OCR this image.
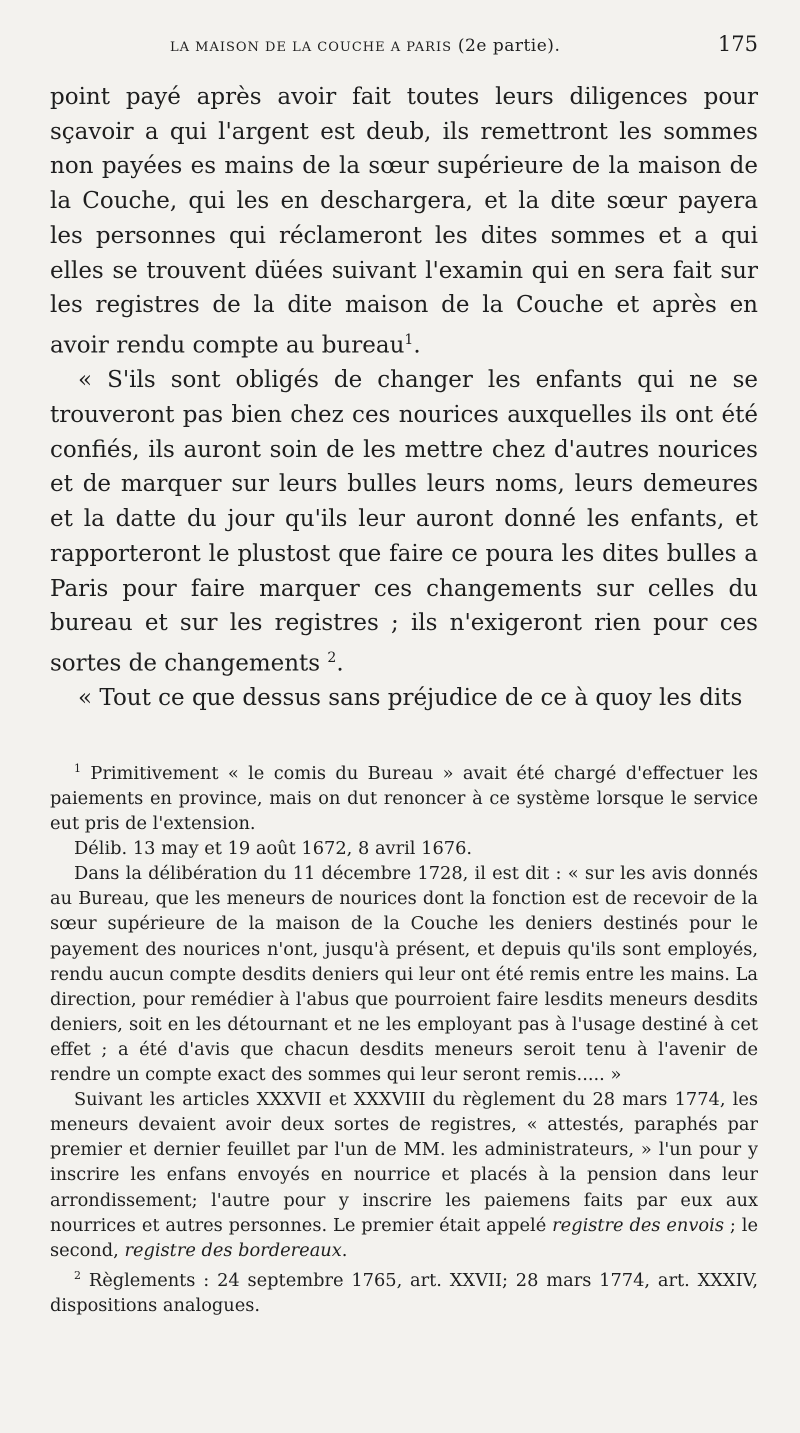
LA MAISON DE LA COUCHE A PARIS (2e partie).	175

point payé après avoir fait toutes leurs diligences pour sçavoir a qui l'argent est deub, ils remettront les sommes non payées es mains de la sœur supérieure de la maison de la Couche, qui les en deschargera, et la dite sœur payera les personnes qui réclameront les dites sommes et a qui elles se trouvent düées suivant l'examin qui en sera fait sur les registres de la dite maison de la Couche et après en avoir rendu compte au bureau$^1$.

« S'ils sont obligés de changer les enfants qui ne se trouveront pas bien chez ces nourices auxquelles ils ont été confiés, ils auront soin de les mettre chez d'autres nourices et de marquer sur leurs bulles leurs noms, leurs demeures et la datte du jour qu'ils leur auront donné les enfants, et rapporteront le plustost que faire ce poura les dites bulles a Paris pour faire marquer ces changements sur celles du bureau et sur les registres ; ils n'exigeront rien pour ces sortes de changements $^2$.

« Tout ce que dessus sans préjudice de ce à quoy les dits

$^1$ Primitivement « le comis du Bureau » avait été chargé d'effectuer les paiements en province, mais on dut renoncer à ce système lorsque le service eut pris de l'extension.

Délib. 13 may et 19 août 1672, 8 avril 1676.

Dans la délibération du 11 décembre 1728, il est dit : « sur les avis donnés au Bureau, que les meneurs de nourices dont la fonction est de recevoir de la sœur supérieure de la maison de la Couche les deniers destinés pour le payement des nourices n'ont, jusqu'à présent, et depuis qu'ils sont employés, rendu aucun compte desdits deniers qui leur ont été remis entre les mains. La direction, pour remédier à l'abus que pourroient faire lesdits meneurs desdits deniers, soit en les détournant et ne les employant pas à l'usage destiné à cet effet ; a été d'avis que chacun desdits meneurs seroit tenu à l'avenir de rendre un compte exact des sommes qui leur seront remis..... »

Suivant les articles XXXVII et XXXVIII du règlement du 28 mars 1774, les meneurs devaient avoir deux sortes de registres, « attestés, paraphés par premier et dernier feuillet par l'un de MM. les administrateurs, » l'un pour y inscrire les enfans envoyés en nourrice et placés à la pension dans leur arrondissement; l'autre pour y inscrire les paiemens faits par eux aux nourrices et autres personnes. Le premier était appelé registre des envois ; le second, registre des bordereaux.

$^2$ Règlements : 24 septembre 1765, art. XXVII; 28 mars 1774, art. XXXIV, dispositions analogues.
